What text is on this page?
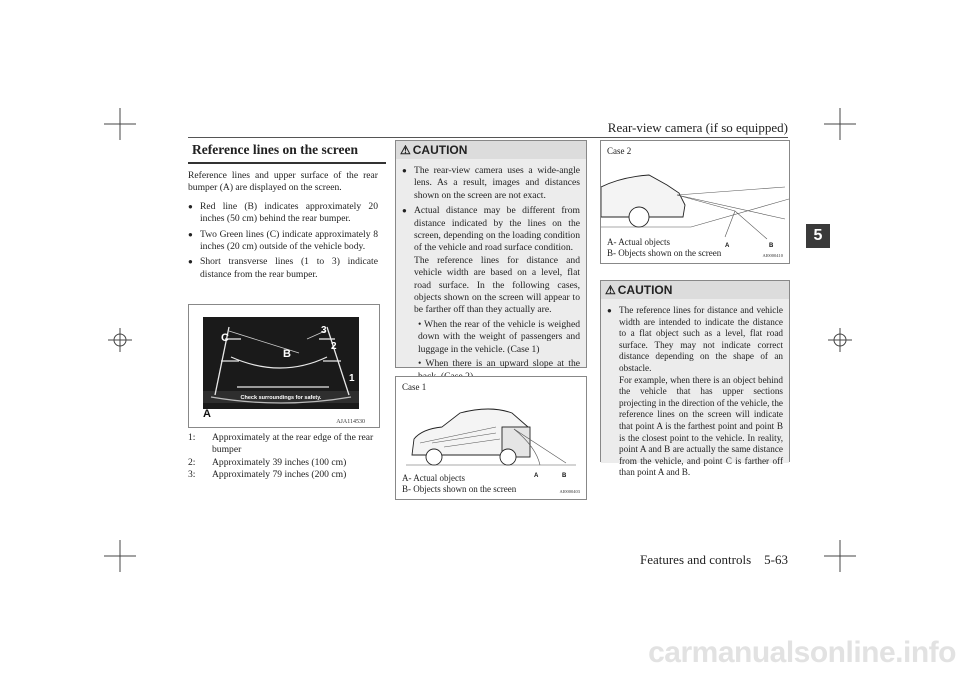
Rear-view camera (if so equipped)
5
Features and controls    5-63
Reference lines on the screen
Reference lines and upper surface of the rear bumper (A) are displayed on the screen.
● Red line (B) indicates approximately 20 inches (50 cm) behind the rear bumper.
● Two Green lines (C) indicate approximately 8 inches (20 cm) outside of the vehicle body.
● Short transverse lines (1 to 3) indicate distance from the rear bumper.
C
B
3
2
1
Check surroundings for safety.
A
AJA114530
1:	Approximately at the rear edge of the rear bumper
2:	Approximately 39 inches (100 cm)
3:	Approximately 79 inches (200 cm)
⚠ CAUTION
● The rear-view camera uses a wide-angle lens. As a result, images and distances shown on the screen are not exact.
● Actual distance may be different from distance indicated by the lines on the screen, depending on the loading condition of the vehicle and road surface condition.
The reference lines for distance and vehicle width are based on a level, flat road surface. In the following cases, objects shown on the screen will appear to be farther off than they actually are.
• When the rear of the vehicle is weighed down with the weight of passengers and luggage in the vehicle. (Case 1)
• When there is an upward slope at the
Case 1
A	B
AI0000403
A- Actual objects
B- Objects shown on the screen
Case 2
A	B
AI0000410
A- Actual objects
B- Objects shown on the screen
⚠ CAUTION
● The reference lines for distance and vehicle width are intended to indicate the distance to a flat object such as a level, flat road surface. They may not indicate correct distance depending on the shape of an obstacle.
For example, when there is an object behind the vehicle that has upper sections projecting in the direction of the vehicle, the reference lines on the screen will indicate that point A is the farthest point and point B is the closest point to the vehicle. In reality, point A and B are actually the same distance from the vehicle, and point C is farther off than point A and B.
carmanualsonline.info
